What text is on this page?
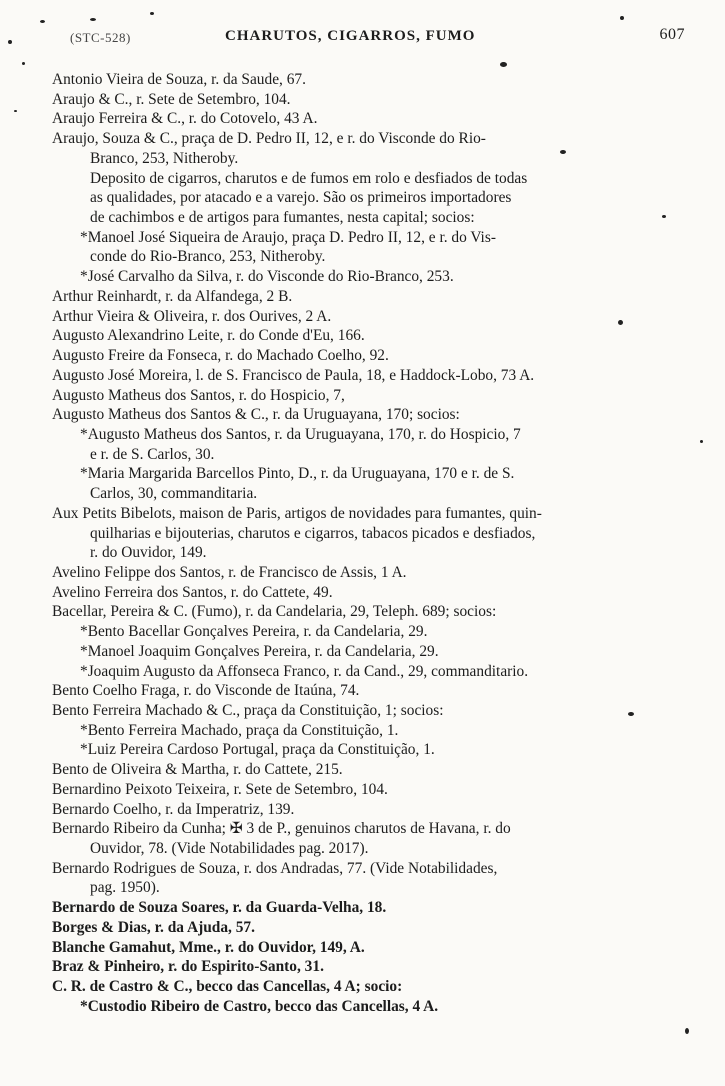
(STC-528)	CHARUTOS, CIGARROS, FUMO	607
Antonio Vieira de Souza, r. da Saude, 67.
Araujo & C., r. Sete de Setembro, 104.
Araujo Ferreira & C., r. do Cotovelo, 43 A.
Araujo, Souza & C., praça de D. Pedro II, 12, e r. do Visconde do Rio-
Branco, 253, Nitheroby.
Deposito de cigarros, charutos e de fumos em rolo e desfiados de todas
as qualidades, por atacado e a varejo. São os primeiros importadores
de cachimbos e de artigos para fumantes, nesta capital; socios:
*Manoel José Siqueira de Araujo, praça D. Pedro II, 12, e r. do Vis-
conde do Rio-Branco, 253, Nitheroby.
*José Carvalho da Silva, r. do Visconde do Rio-Branco, 253.
Arthur Reinhardt, r. da Alfandega, 2 B.
Arthur Vieira & Oliveira, r. dos Ourives, 2 A.
Augusto Alexandrino Leite, r. do Conde d'Eu, 166.
Augusto Freire da Fonseca, r. do Machado Coelho, 92.
Augusto José Moreira, l. de S. Francisco de Paula, 18, e Haddock-Lobo, 73 A.
Augusto Matheus dos Santos, r. do Hospicio, 7,
Augusto Matheus dos Santos & C., r. da Uruguayana, 170; socios:
*Augusto Matheus dos Santos, r. da Uruguayana, 170, r. do Hospicio, 7
e r. de S. Carlos, 30.
*Maria Margarida Barcellos Pinto, D., r. da Uruguayana, 170 e r. de S.
Carlos, 30, commanditaria.
Aux Petits Bibelots, maison de Paris, artigos de novidades para fumantes, quin-
quilharias e bijouterias, charutos e cigarros, tabacos picados e desfiados,
r. do Ouvidor, 149.
Avelino Felippe dos Santos, r. de Francisco de Assis, 1 A.
Avelino Ferreira dos Santos, r. do Cattete, 49.
Bacellar, Pereira & C. (Fumo), r. da Candelaria, 29, Teleph. 689; socios:
*Bento Bacellar Gonçalves Pereira, r. da Candelaria, 29.
*Manoel Joaquim Gonçalves Pereira, r. da Candelaria, 29.
*Joaquim Augusto da Affonseca Franco, r. da Cand., 29, commanditario.
Bento Coelho Fraga, r. do Visconde de Itaúna, 74.
Bento Ferreira Machado & C., praça da Constituição, 1; socios:
*Bento Ferreira Machado, praça da Constituição, 1.
*Luiz Pereira Cardoso Portugal, praça da Constituição, 1.
Bento de Oliveira & Martha, r. do Cattete, 215.
Bernardino Peixoto Teixeira, r. Sete de Setembro, 104.
Bernardo Coelho, r. da Imperatriz, 139.
Bernardo Ribeiro da Cunha; ✠ 3 de P., genuinos charutos de Havana, r. do
Ouvidor, 78. (Vide Notabilidades pag. 2017).
Bernardo Rodrigues de Souza, r. dos Andradas, 77. (Vide Notabilidades,
pag. 1950).
Bernardo de Souza Soares, r. da Guarda-Velha, 18.
Borges & Dias, r. da Ajuda, 57.
Blanche Gamahut, Mme., r. do Ouvidor, 149, A.
Braz & Pinheiro, r. do Espirito-Santo, 31.
C. R. de Castro & C., becco das Cancellas, 4 A; socio:
*Custodio Ribeiro de Castro, becco das Cancellas, 4 A.
